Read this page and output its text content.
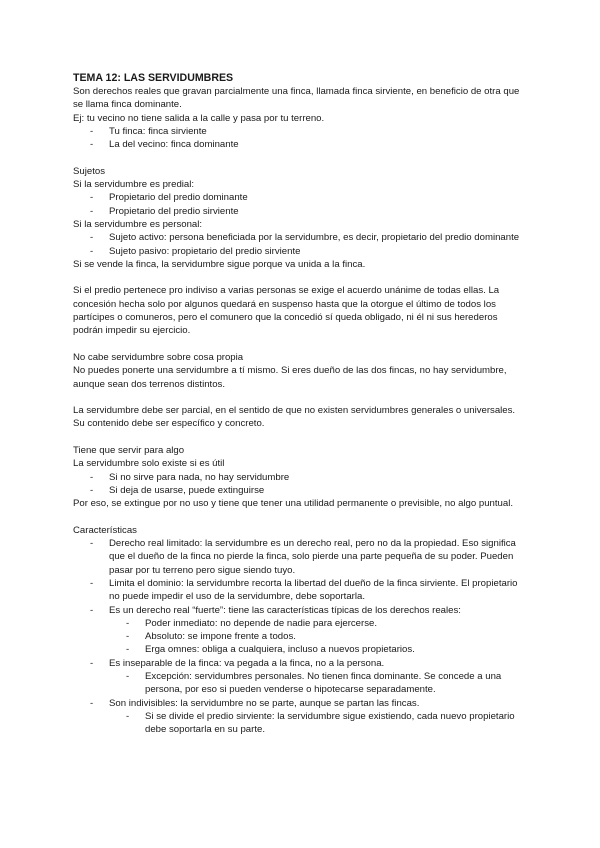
TEMA 12: LAS SERVIDUMBRES

Son derechos reales que gravan parcialmente una finca, llamada finca sirviente, en beneficio de otra que se llama finca dominante.

Ej: tu vecino no tiene salida a la calle y pasa por tu terreno.

- Tu finca: finca sirviente
- La del vecino: finca dominante

Sujetos

Si la servidumbre es predial:

- Propietario del predio dominante
- Propietario del predio sirviente

Si la servidumbre es personal:

- Sujeto activo: persona beneficiada por la servidumbre, es decir, propietario del predio dominante
- Sujeto pasivo: propietario del predio sirviente

Si se vende la finca, la servidumbre sigue porque va unida a la finca.

Si el predio pertenece pro indiviso a varias personas se exige el acuerdo unánime de todas ellas. La concesión hecha solo por algunos quedará en suspenso hasta que la otorgue el último de todos los partícipes o comuneros, pero el comunero que la concedió sí queda obligado, ni él ni sus herederos podrán impedir su ejercicio.

No cabe servidumbre sobre cosa propia

No puedes ponerte una servidumbre a tí mismo. Si eres dueño de las dos fincas, no hay servidumbre, aunque sean dos terrenos distintos.

La servidumbre debe ser parcial, en el sentido de que no existen servidumbres generales o universales. Su contenido debe ser específico y concreto.

Tiene que servir para algo

La servidumbre solo existe si es útil

- Si no sirve para nada, no hay servidumbre
- Si deja de usarse, puede extinguirse

Por eso, se extingue por no uso y tiene que tener una utilidad permanente o previsible, no algo puntual.

Características

- Derecho real limitado: la servidumbre es un derecho real, pero no da la propiedad. Eso significa que el dueño de la finca no pierde la finca, solo pierde una parte pequeña de su poder. Pueden pasar por tu terreno pero sigue siendo tuyo.
- Limita el dominio: la servidumbre recorta la libertad del dueño de la finca sirviente. El propietario no puede impedir el uso de la servidumbre, debe soportarla.
- Es un derecho real “fuerte”: tiene las características típicas de los derechos reales:
- Poder inmediato: no depende de nadie para ejercerse.
- Absoluto: se impone frente a todos.
- Erga omnes: obliga a cualquiera, incluso a nuevos propietarios.
- Es inseparable de la finca: va pegada a la finca, no a la persona.
- Excepción: servidumbres personales. No tienen finca dominante. Se concede a una persona, por eso si pueden venderse o hipotecarse separadamente.
- Son indivisibles: la servidumbre no se parte, aunque se partan las fincas.
- Si se divide el predio sirviente: la servidumbre sigue existiendo, cada nuevo propietario debe soportarla en su parte.
